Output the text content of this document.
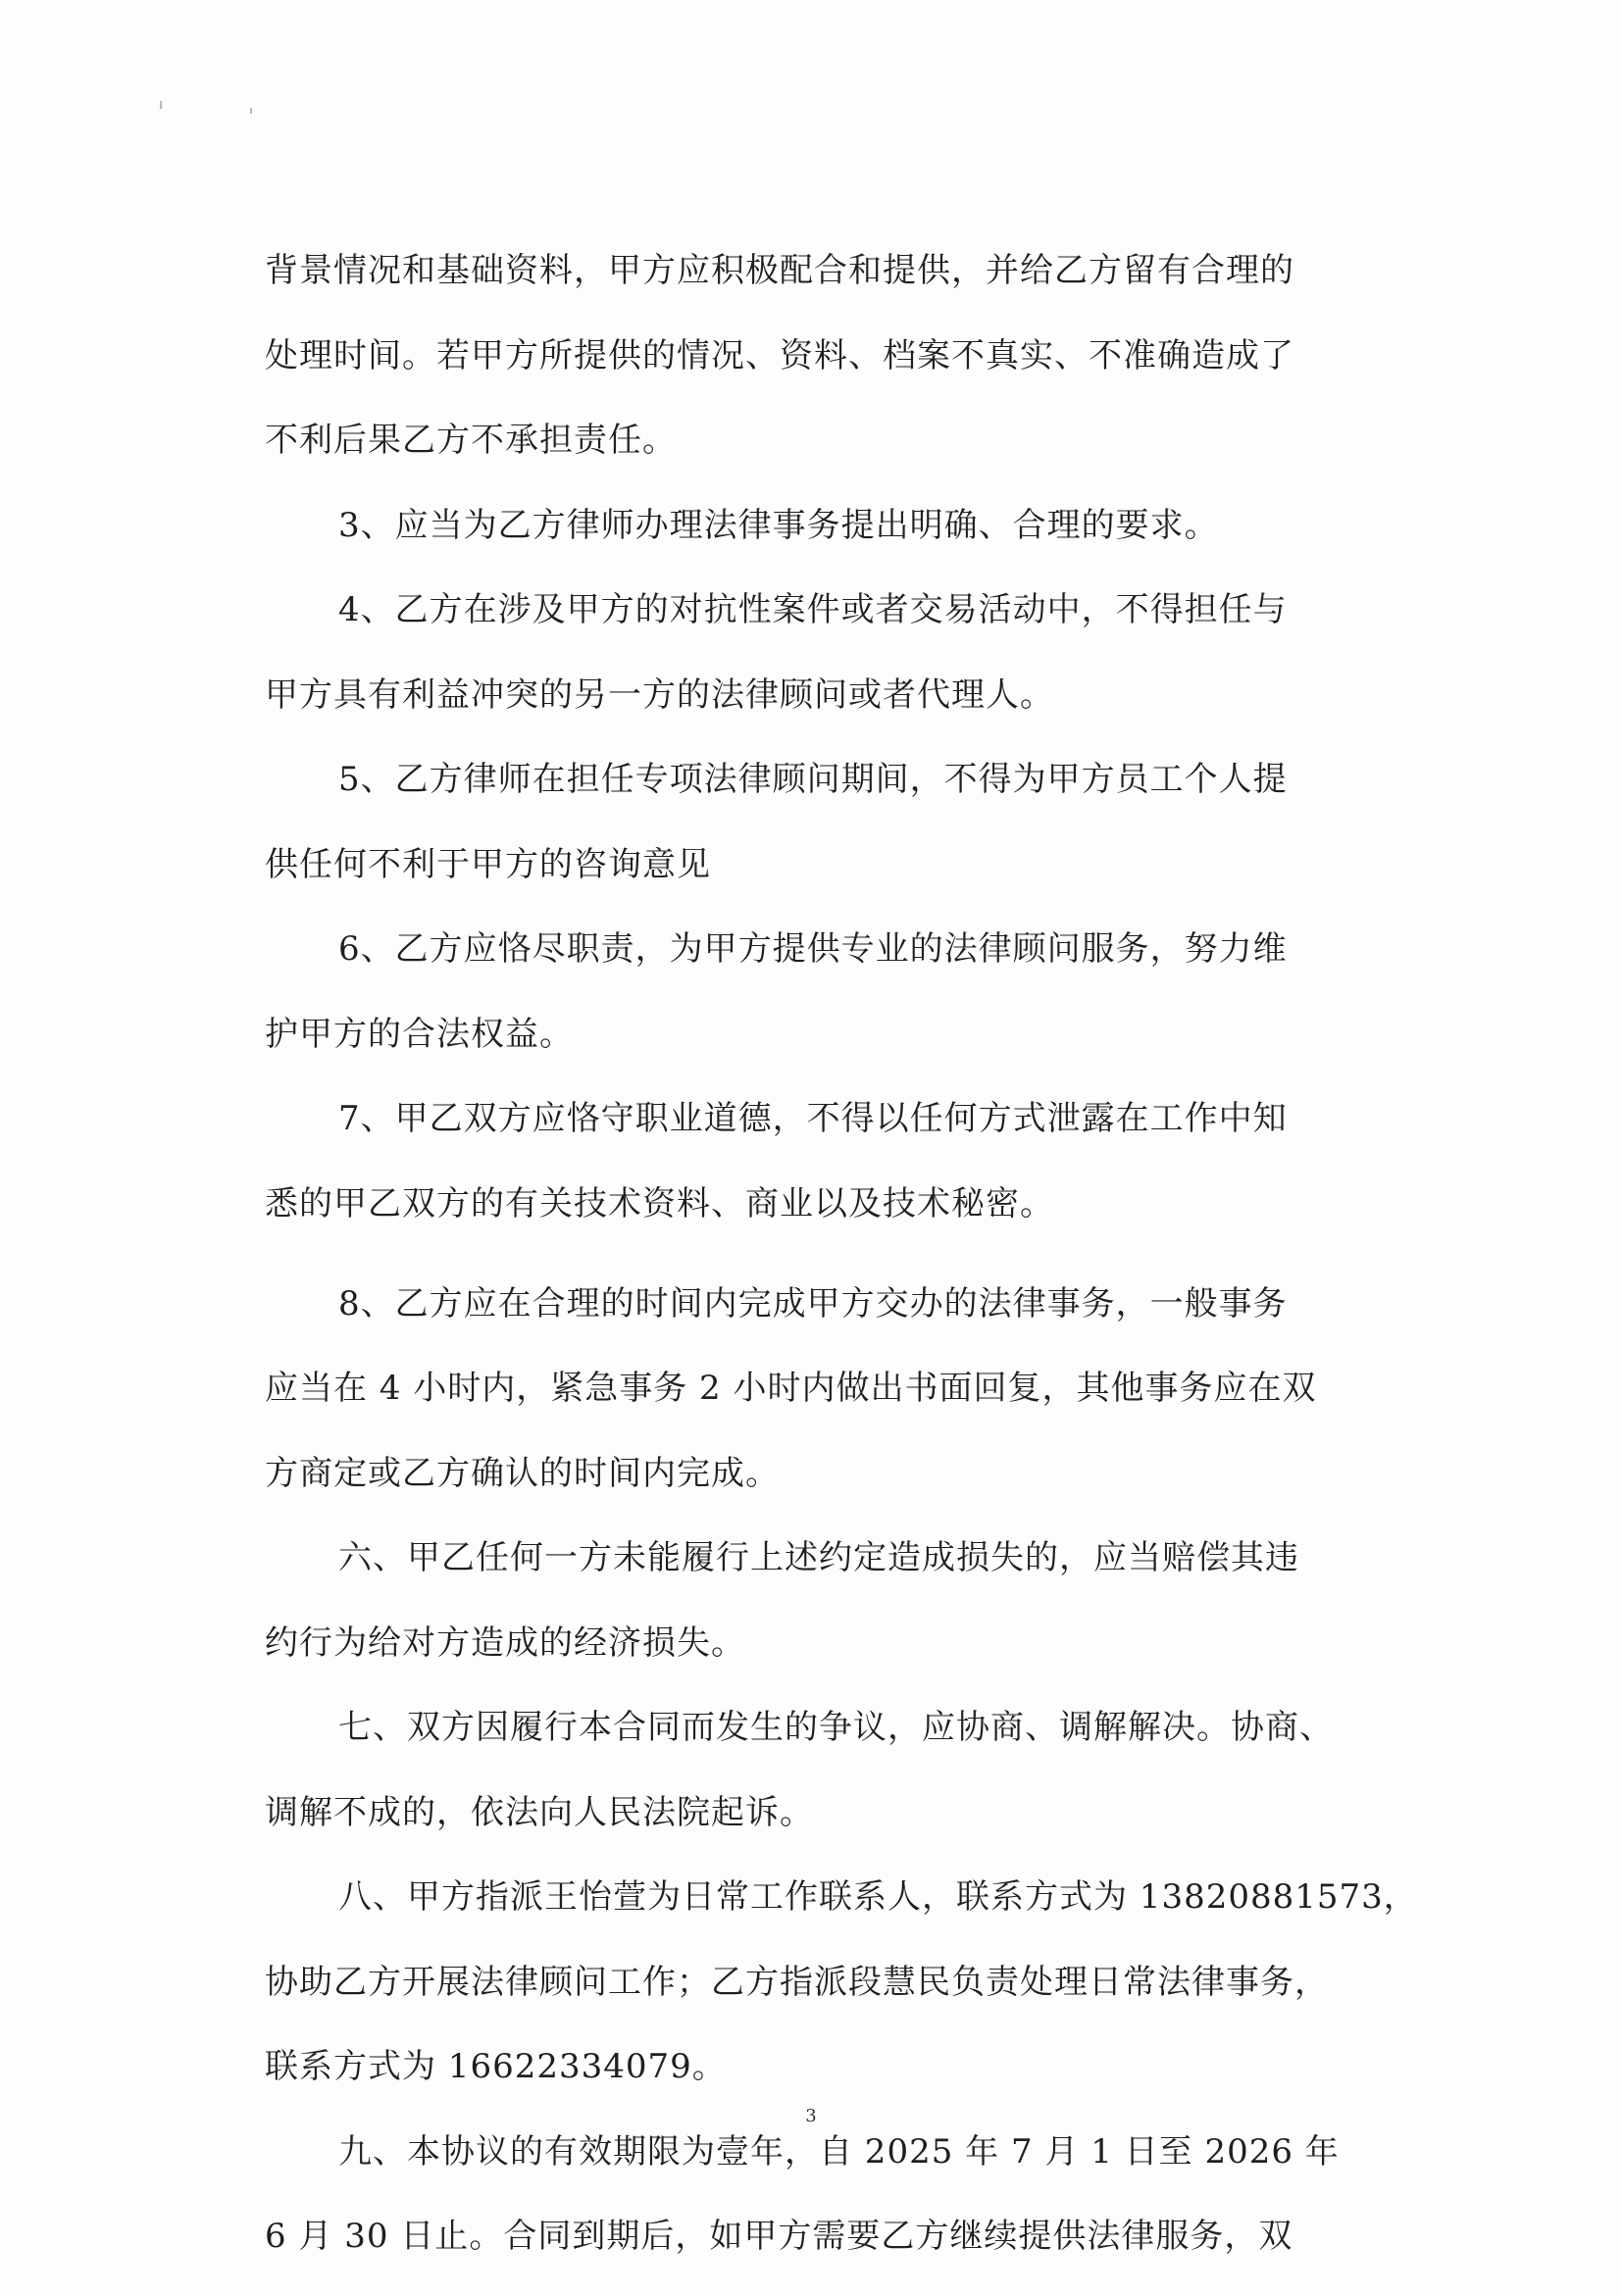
背景情况和基础资料，甲方应积极配合和提供，并给乙方留有合理的
处理时间。若甲方所提供的情况、资料、档案不真实、不准确造成了
不利后果乙方不承担责任。
3、应当为乙方律师办理法律事务提出明确、合理的要求。
4、乙方在涉及甲方的对抗性案件或者交易活动中，不得担任与
甲方具有利益冲突的另一方的法律顾问或者代理人。
5、乙方律师在担任专项法律顾问期间，不得为甲方员工个人提
供任何不利于甲方的咨询意见
6、乙方应恪尽职责，为甲方提供专业的法律顾问服务，努力维
护甲方的合法权益。
7、甲乙双方应恪守职业道德，不得以任何方式泄露在工作中知
悉的甲乙双方的有关技术资料、商业以及技术秘密。
8、乙方应在合理的时间内完成甲方交办的法律事务，一般事务
应当在 4 小时内，紧急事务 2 小时内做出书面回复，其他事务应在双
方商定或乙方确认的时间内完成。
六、甲乙任何一方未能履行上述约定造成损失的，应当赔偿其违
约行为给对方造成的经济损失。
七、双方因履行本合同而发生的争议，应协商、调解解决。协商、
调解不成的，依法向人民法院起诉。
八、甲方指派王怡萱为日常工作联系人，联系方式为 13820881573，
协助乙方开展法律顾问工作；乙方指派段慧民负责处理日常法律事务，
联系方式为 16622334079。
九、本协议的有效期限为壹年，自 2025 年 7 月 1 日至 2026 年
6 月 30 日止。合同到期后，如甲方需要乙方继续提供法律服务，双
3
